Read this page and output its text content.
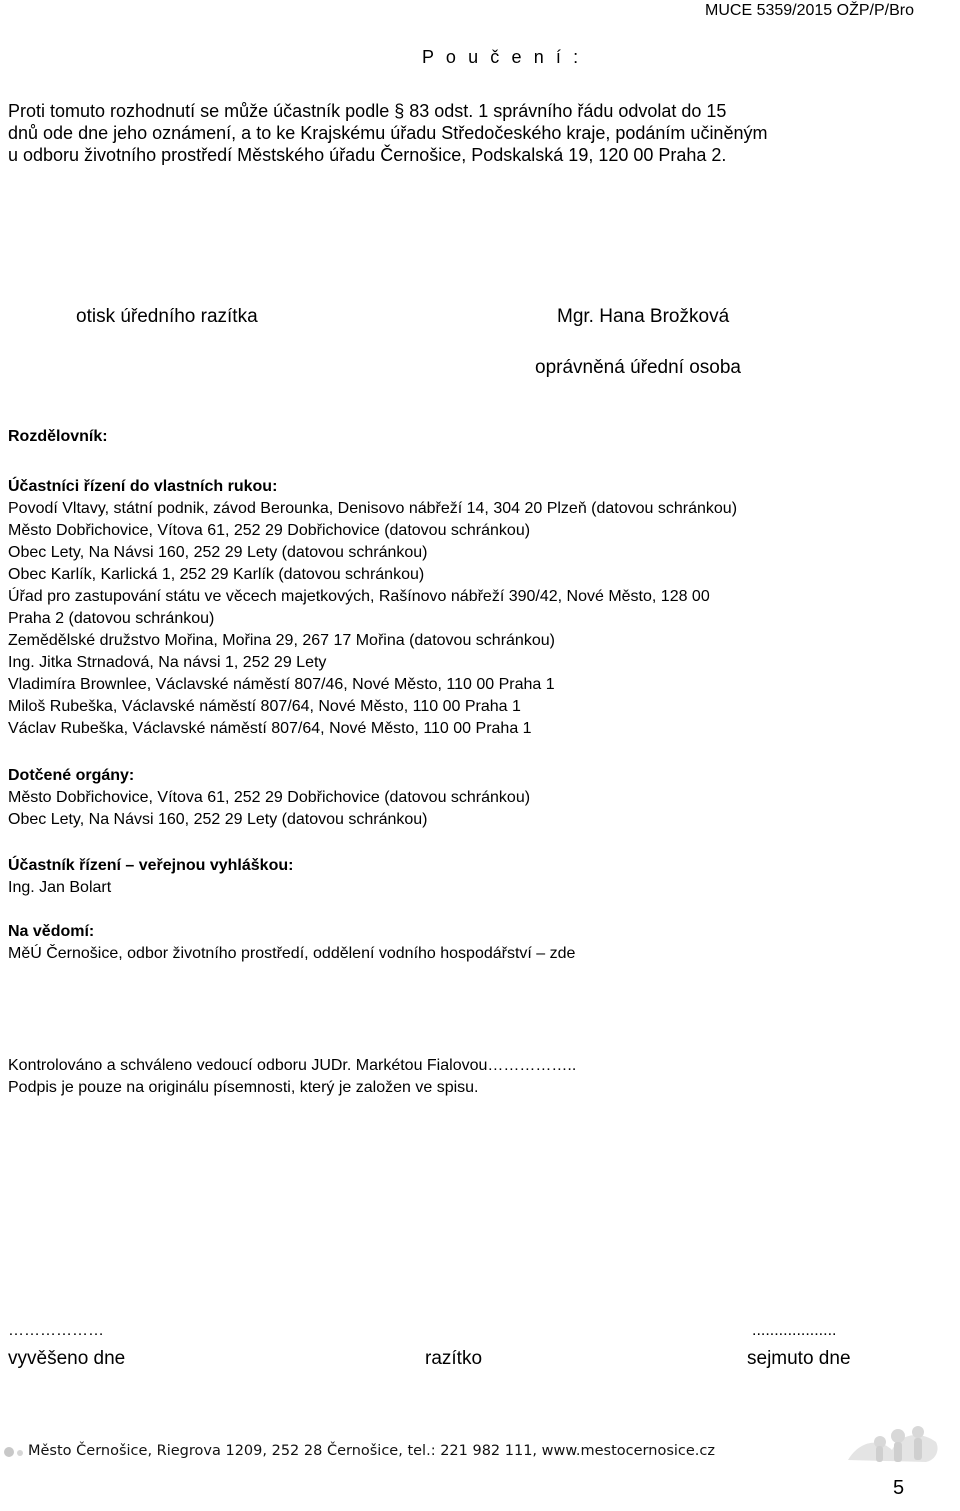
MUCE 5359/2015 OŽP/P/Bro
P o u č e n í :
Proti tomuto rozhodnutí se může účastník podle § 83 odst. 1 správního řádu odvolat do 15
dnů ode dne jeho oznámení, a to ke Krajskému úřadu Středočeského kraje, podáním učiněným
u odboru životního prostředí Městského úřadu Černošice, Podskalská 19, 120 00 Praha 2.
otisk úředního razítka	Mgr. Hana Brožková
oprávněná úřední osoba
Rozdělovník:
Účastníci řízení do vlastních rukou:
Povodí Vltavy, státní podnik, závod Berounka, Denisovo nábřeží 14, 304 20 Plzeň (datovou schránkou)
Město Dobřichovice, Vítova 61, 252 29 Dobřichovice (datovou schránkou)
Obec Lety, Na Návsi 160, 252 29 Lety (datovou schránkou)
Obec Karlík, Karlická 1, 252 29 Karlík (datovou schránkou)
Úřad pro zastupování státu ve věcech majetkových, Rašínovo nábřeží 390/42, Nové Město, 128 00
Praha 2 (datovou schránkou)
Zemědělské družstvo Mořina, Mořina 29, 267 17 Mořina (datovou schránkou)
Ing. Jitka Strnadová, Na návsi 1, 252 29 Lety
Vladimíra Brownlee, Václavské náměstí 807/46, Nové Město, 110 00 Praha 1
Miloš Rubeška, Václavské náměstí 807/64, Nové Město, 110 00 Praha 1
Václav Rubeška, Václavské náměstí 807/64, Nové Město, 110 00 Praha 1
Dotčené orgány:
Město Dobřichovice, Vítova 61, 252 29 Dobřichovice (datovou schránkou)
Obec Lety, Na Návsi 160, 252 29 Lety (datovou schránkou)
Účastník řízení – veřejnou vyhláškou:
Ing. Jan Bolart
Na vědomí:
MěÚ Černošice, odbor životního prostředí, oddělení vodního hospodářství – zde
Kontrolováno a schváleno vedoucí odboru JUDr. Markétou Fialovou……………..
Podpis je pouze na originálu písemnosti, který je založen ve spisu.
………………	...................
vyvěšeno dne	razítko	sejmuto dne
Město Černošice, Riegrova 1209, 252 28 Černošice, tel.: 221 982 111, www.mestocernosice.cz
5
